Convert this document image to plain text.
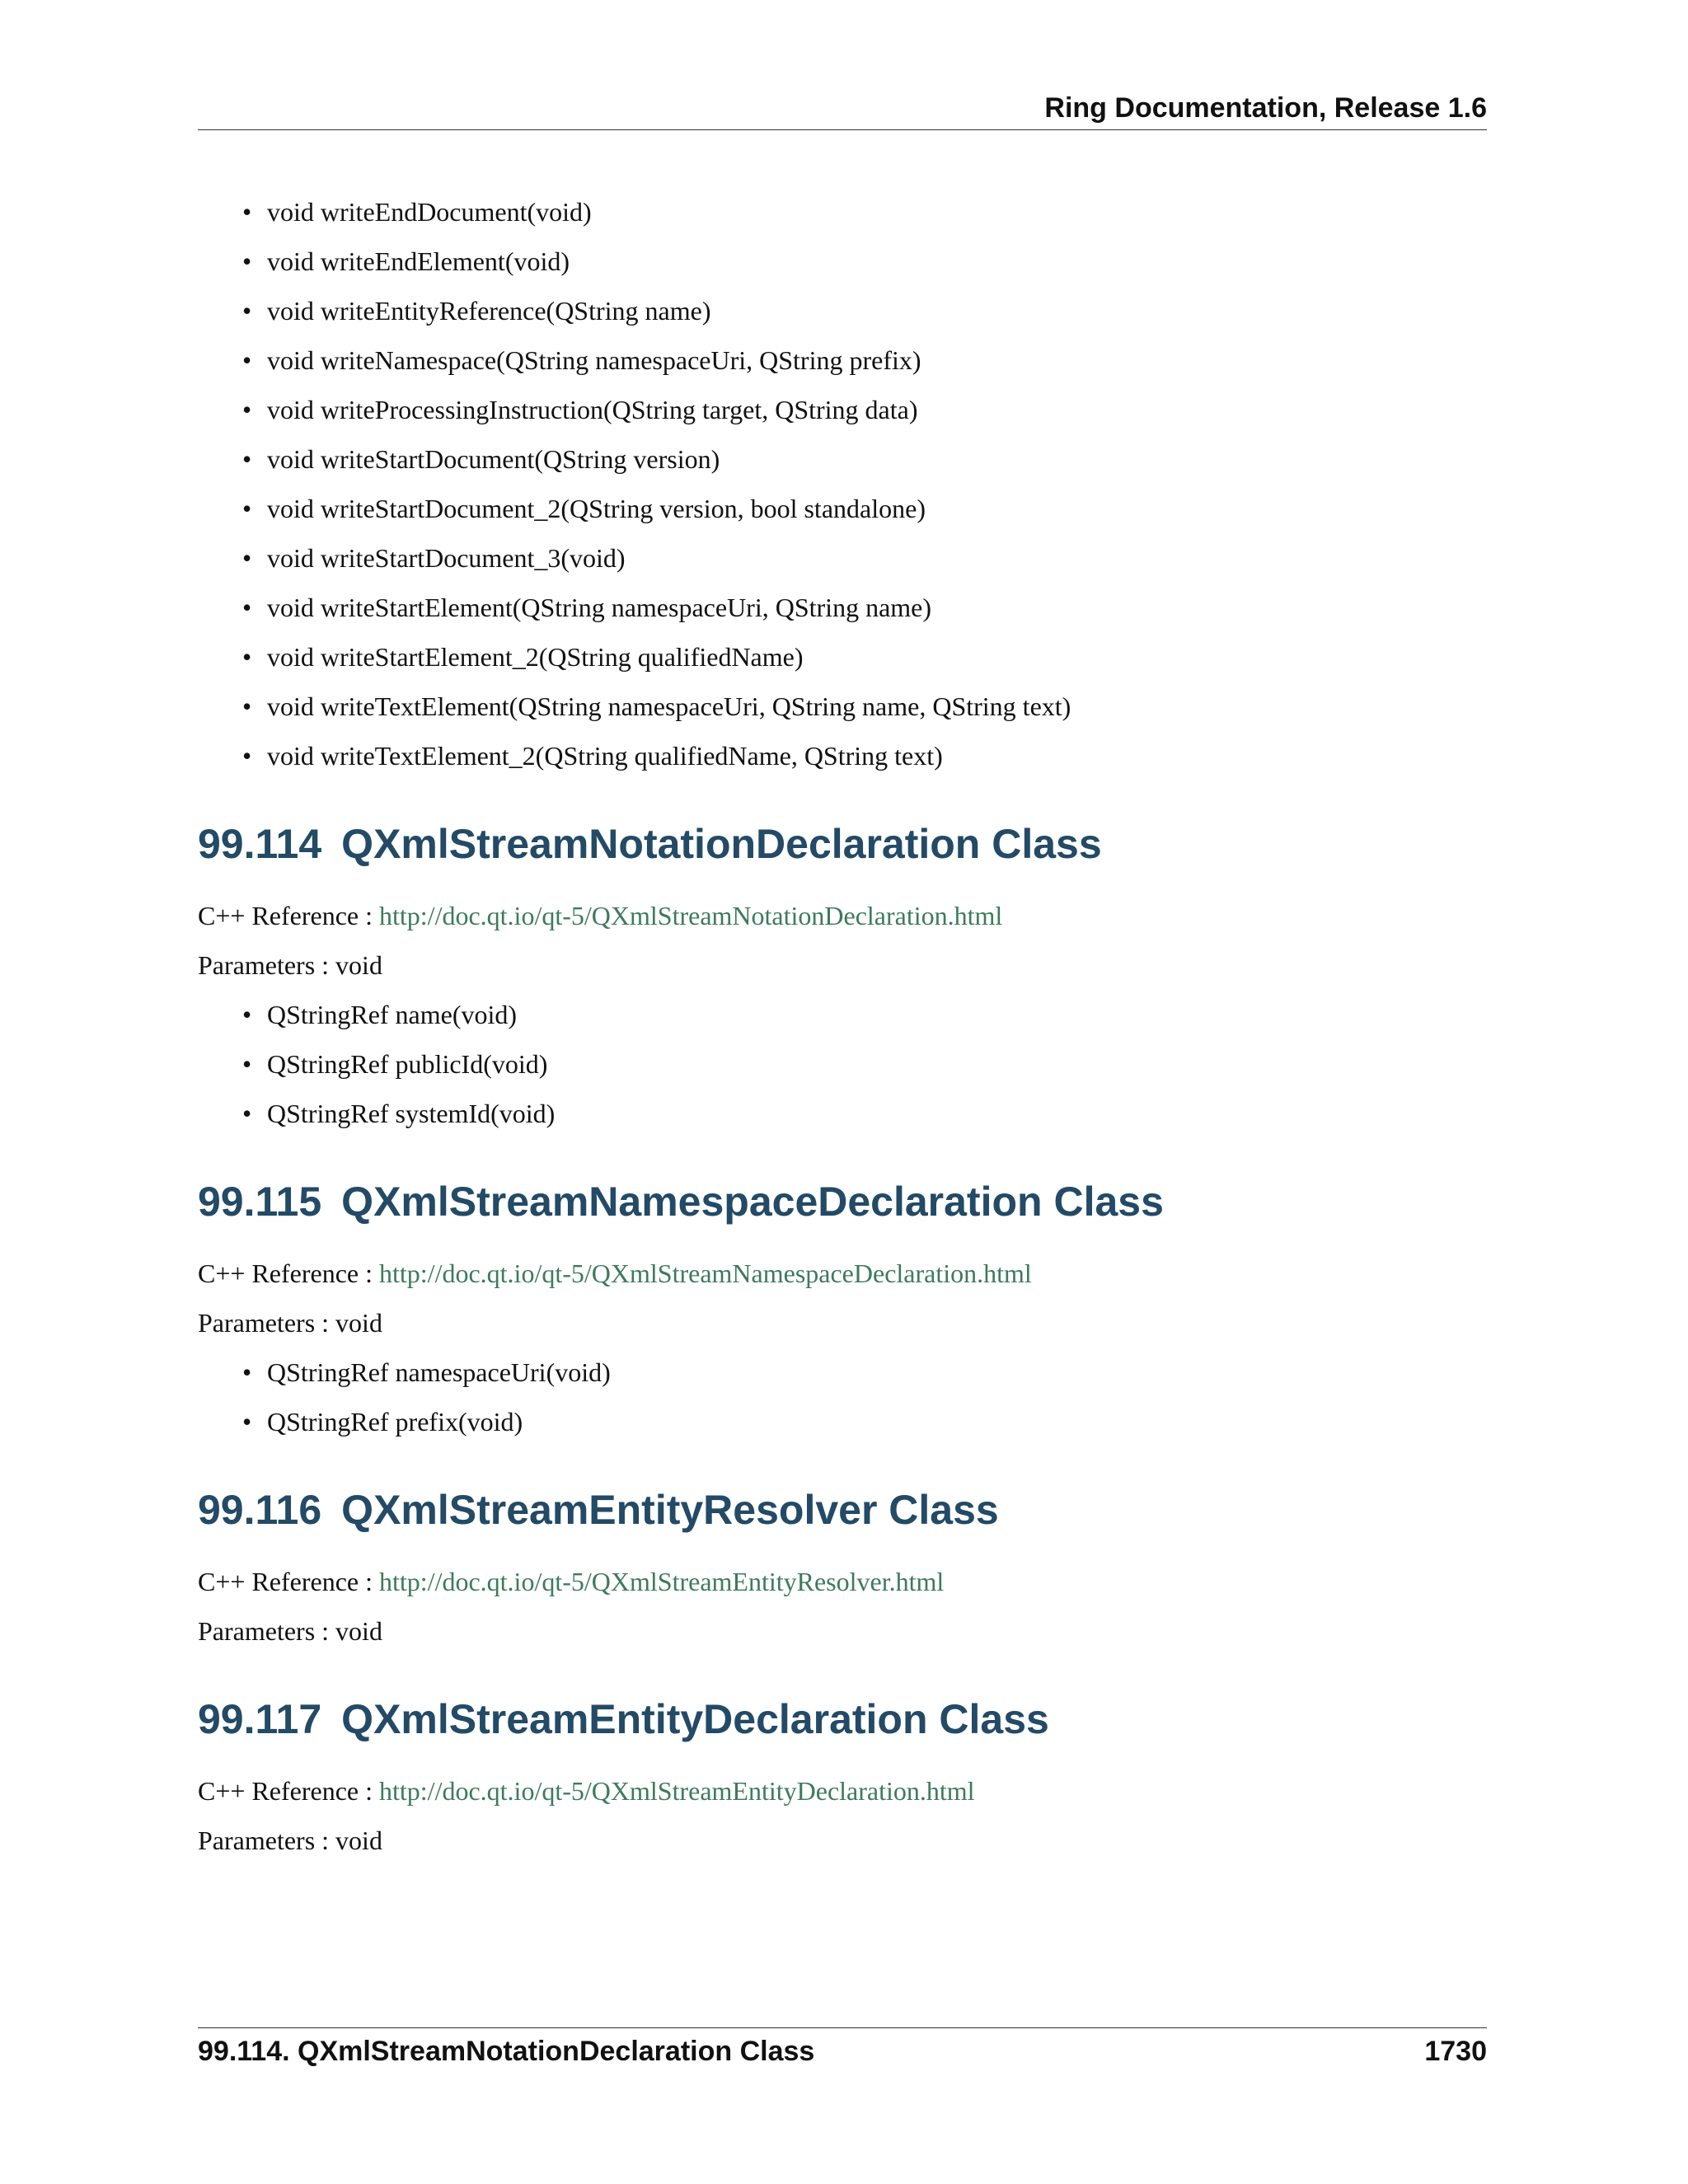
Ring Documentation, Release 1.6
• void writeEndDocument(void)
• void writeEndElement(void)
• void writeEntityReference(QString name)
• void writeNamespace(QString namespaceUri, QString prefix)
• void writeProcessingInstruction(QString target, QString data)
• void writeStartDocument(QString version)
• void writeStartDocument_2(QString version, bool standalone)
• void writeStartDocument_3(void)
• void writeStartElement(QString namespaceUri, QString name)
• void writeStartElement_2(QString qualifiedName)
• void writeTextElement(QString namespaceUri, QString name, QString text)
• void writeTextElement_2(QString qualifiedName, QString text)
99.114 QXmlStreamNotationDeclaration Class

C++ Reference : http://doc.qt.io/qt-5/QXmlStreamNotationDeclaration.html

Parameters : void

• QStringRef name(void)
• QStringRef publicId(void)
• QStringRef systemId(void)
99.115 QXmlStreamNamespaceDeclaration Class

C++ Reference : http://doc.qt.io/qt-5/QXmlStreamNamespaceDeclaration.html

Parameters : void

• QStringRef namespaceUri(void)
• QStringRef prefix(void)
99.116 QXmlStreamEntityResolver Class

C++ Reference : http://doc.qt.io/qt-5/QXmlStreamEntityResolver.html

Parameters : void

99.117 QXmlStreamEntityDeclaration Class

C++ Reference : http://doc.qt.io/qt-5/QXmlStreamEntityDeclaration.html

Parameters : void

99.114. QXmlStreamNotationDeclaration Class	1730
